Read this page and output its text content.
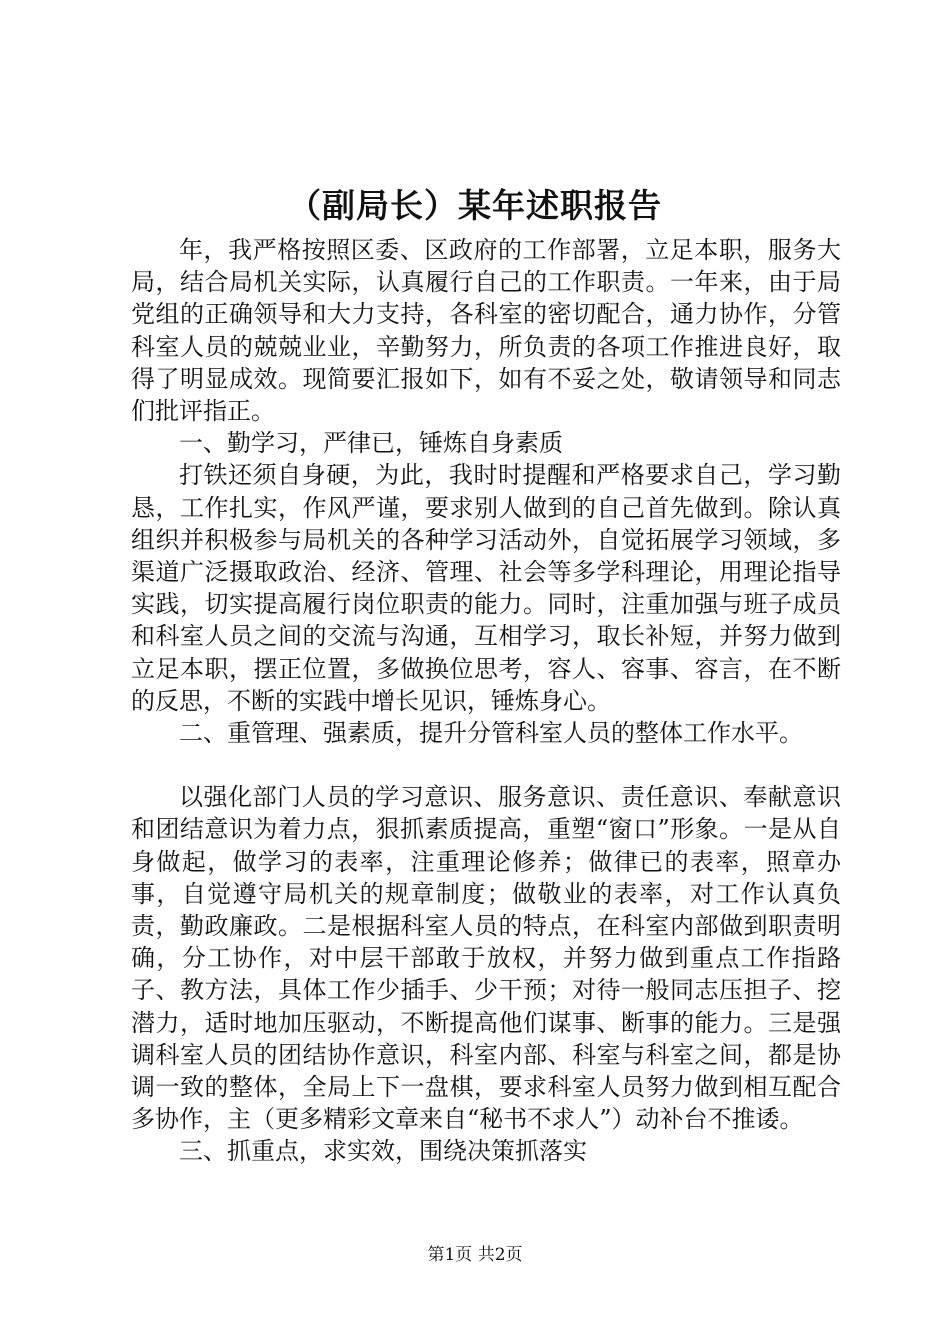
（副局长）某年述职报告

年，我严格按照区委、区政府的工作部署，立足本职，服务大局，结合局机关实际，认真履行自己的工作职责。一年来，由于局党组的正确领导和大力支持，各科室的密切配合，通力协作，分管科室人员的兢兢业业，辛勤努力，所负责的各项工作推进良好，取得了明显成效。现简要汇报如下，如有不妥之处，敬请领导和同志们批评指正。

一、勤学习，严律已，锤炼自身素质

打铁还须自身硬，为此，我时时提醒和严格要求自己，学习勤恳，工作扎实，作风严谨，要求别人做到的自己首先做到。除认真组织并积极参与局机关的各种学习活动外，自觉拓展学习领域，多渠道广泛摄取政治、经济、管理、社会等多学科理论，用理论指导实践，切实提高履行岗位职责的能力。同时，注重加强与班子成员和科室人员之间的交流与沟通，互相学习，取长补短，并努力做到立足本职，摆正位置，多做换位思考，容人、容事、容言，在不断的反思，不断的实践中增长见识，锤炼身心。

二、重管理、强素质，提升分管科室人员的整体工作水平。

以强化部门人员的学习意识、服务意识、责任意识、奉献意识和团结意识为着力点，狠抓素质提高，重塑“窗口”形象。一是从自身做起，做学习的表率，注重理论修养；做律已的表率，照章办事，自觉遵守局机关的规章制度；做敬业的表率，对工作认真负责，勤政廉政。二是根据科室人员的特点，在科室内部做到职责明确，分工协作，对中层干部敢于放权，并努力做到重点工作指路子、教方法，具体工作少插手、少干预；对待一般同志压担子、挖潜力，适时地加压驱动，不断提高他们谋事、断事的能力。三是强调科室人员的团结协作意识，科室内部、科室与科室之间，都是协调一致的整体，全局上下一盘棋，要求科室人员努力做到相互配合多协作，主（更多精彩文章来自“秘书不求人”）动补台不推诿。

三、抓重点，求实效，围绕决策抓落实

第1页 共2页
